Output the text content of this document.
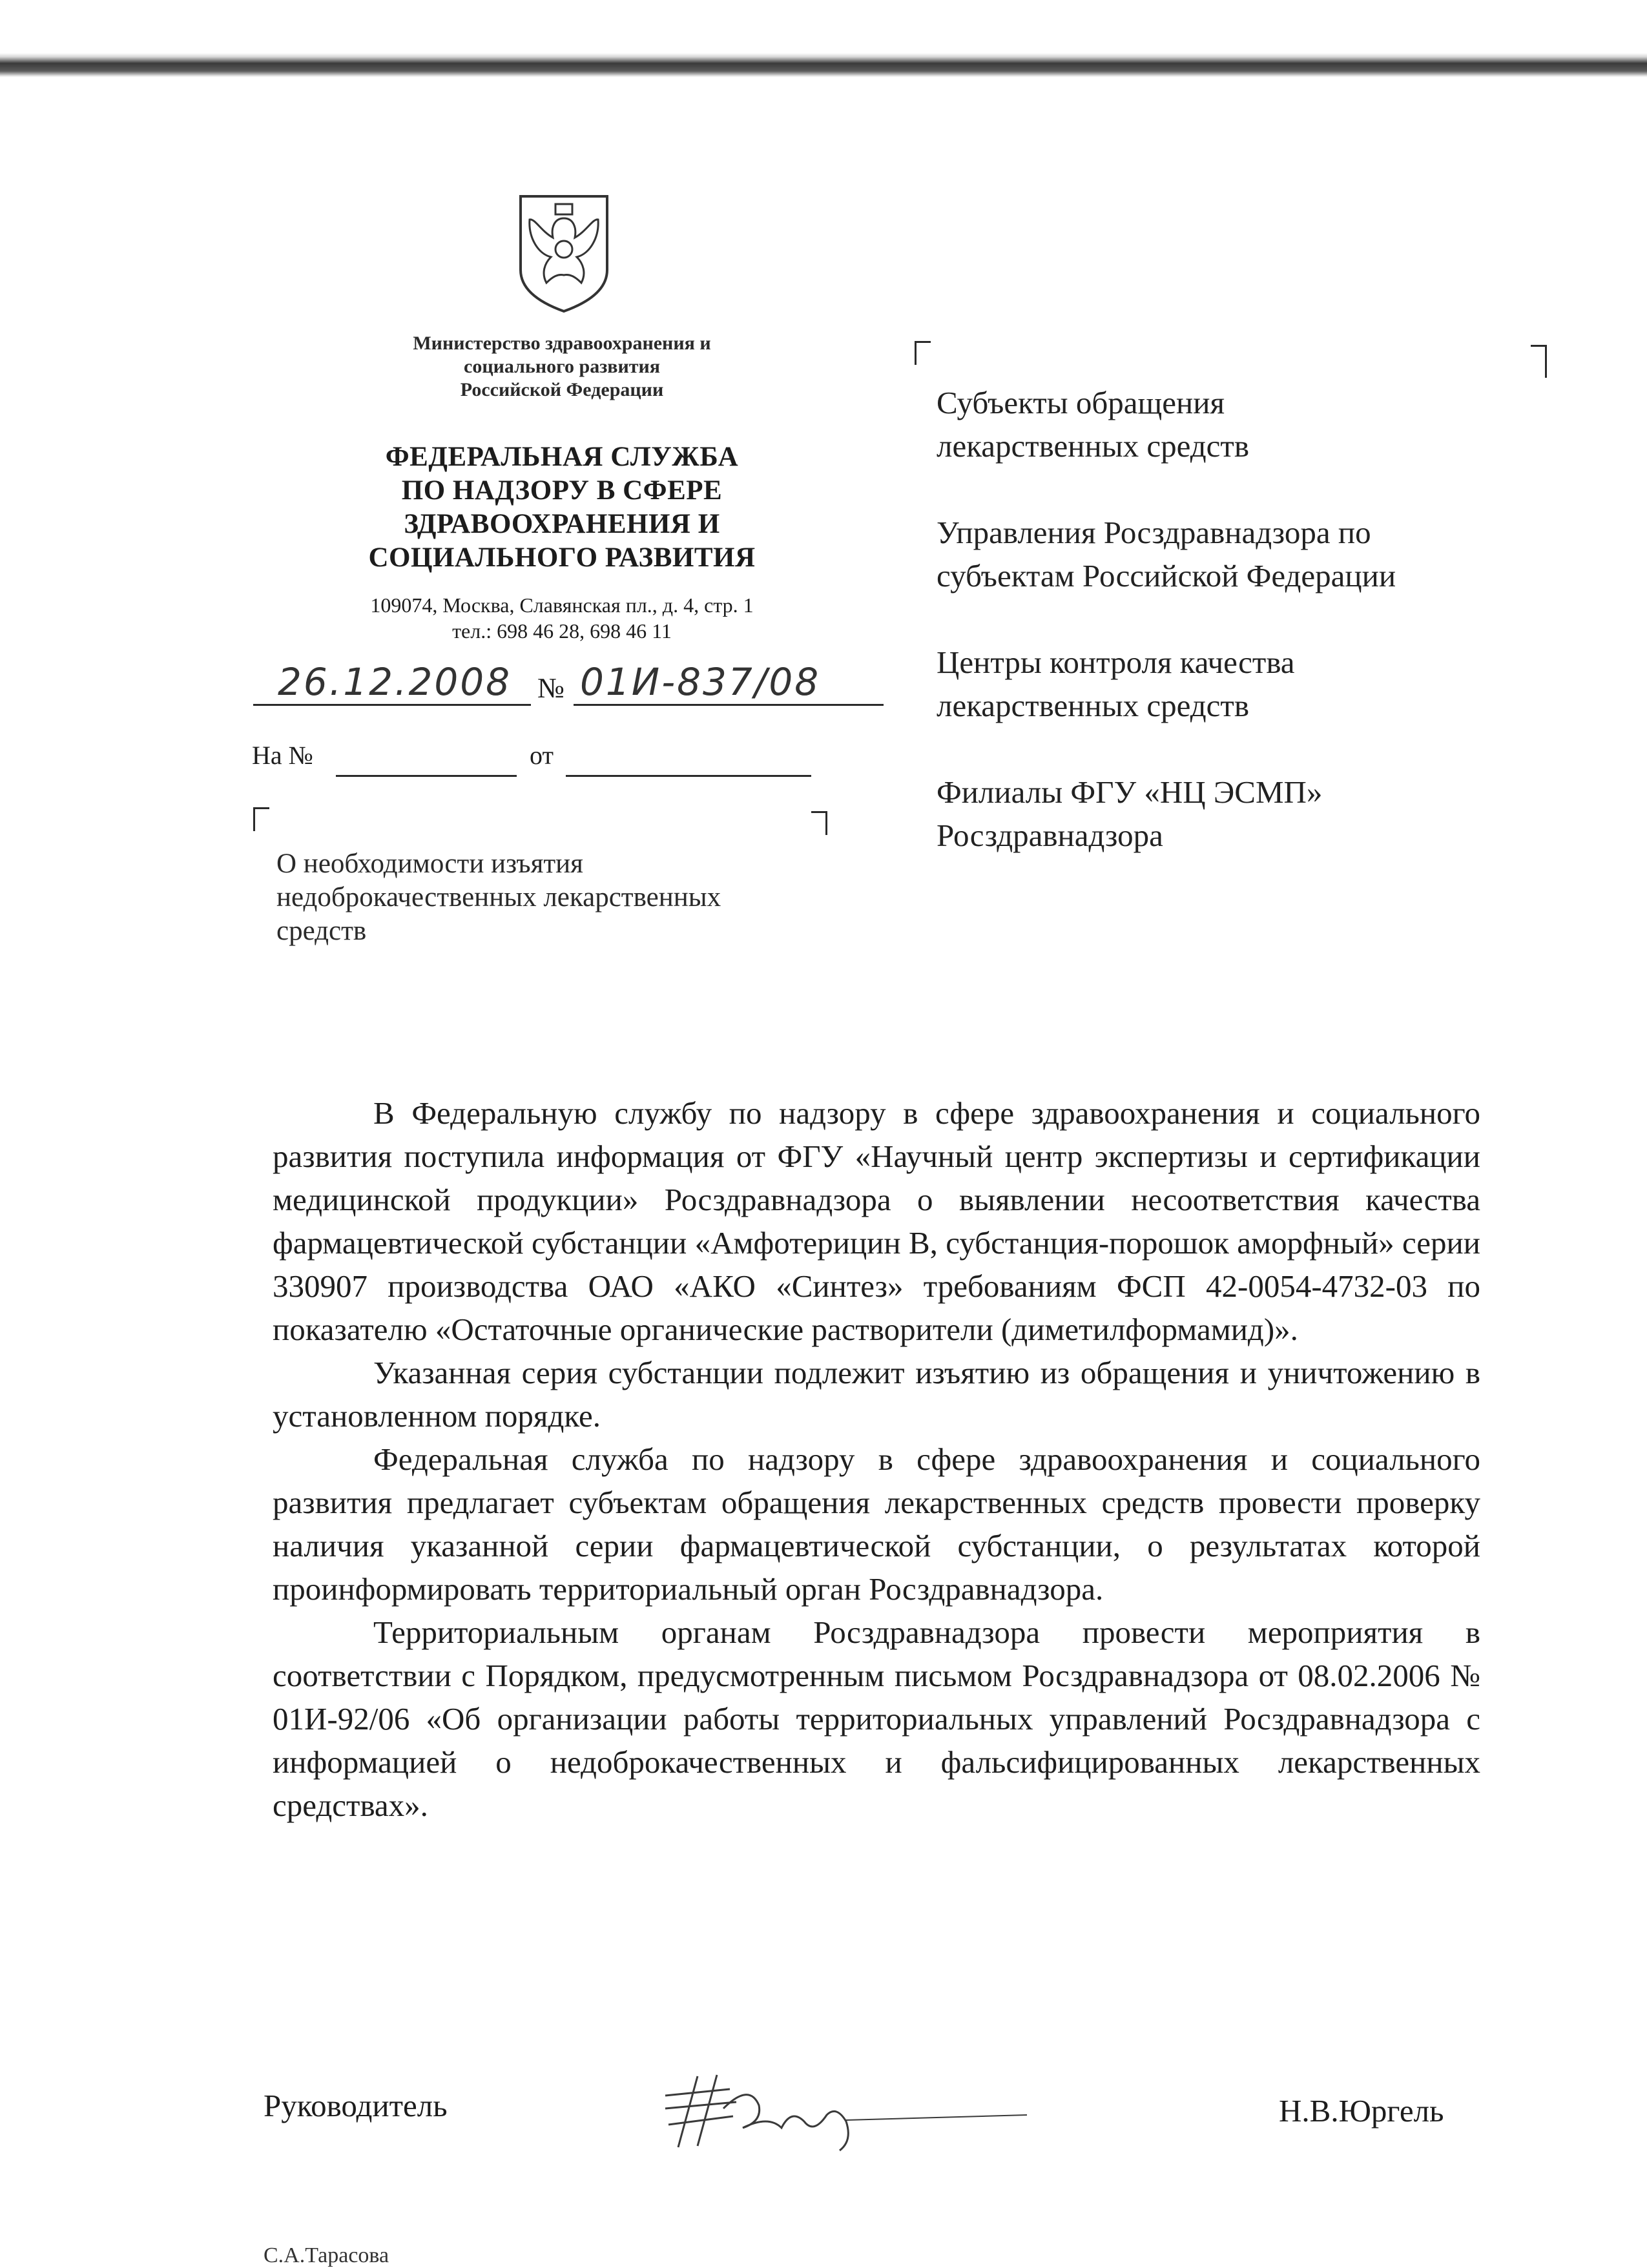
Министерство здравоохранения и
социального развития
Российской Федерации
ФЕДЕРАЛЬНАЯ СЛУЖБА
ПО НАДЗОРУ В СФЕРЕ
ЗДРАВООХРАНЕНИЯ И
СОЦИАЛЬНОГО РАЗВИТИЯ
109074, Москва, Славянская пл., д. 4, стр. 1
тел.: 698 46 28, 698 46 11
26.12.2008 № 01И-837/08
На №	от
О необходимости изъятия
недоброкачественных лекарственных
средств
Субъекты обращения
лекарственных средств
Управления Росздравнадзора по
субъектам Российской Федерации
Центры контроля качества
лекарственных средств
Филиалы ФГУ «НЦ ЭСМП»
Росздравнадзора

В Федеральную службу по надзору в сфере здравоохранения и социального развития поступила информация от ФГУ «Научный центр экспертизы и сертификации медицинской продукции» Росздравнадзора о выявлении несоответствия качества фармацевтической субстанции «Амфотерицин В, субстанция-порошок аморфный» серии 330907 производства ОАО «АКО «Синтез» требованиям ФСП 42-0054-4732-03 по показателю «Остаточные органические растворители (диметилформамид)».

Указанная серия субстанции подлежит изъятию из обращения и уничтожению в установленном порядке.

Федеральная служба по надзору в сфере здравоохранения и социального развития предлагает субъектам обращения лекарственных средств провести проверку наличия указанной серии фармацевтической субстанции, о результатах которой проинформировать территориальный орган Росздравнадзора.

Территориальным органам Росздравнадзора провести мероприятия в соответствии с Порядком, предусмотренным письмом Росздравнадзора от 08.02.2006 № 01И-92/06 «Об организации работы территориальных управлений Росздравнадзора с информацией о недоброкачественных и фальсифицированных лекарственных средствах».

Руководитель	Н.В.Юргель
С.А.Тарасова
